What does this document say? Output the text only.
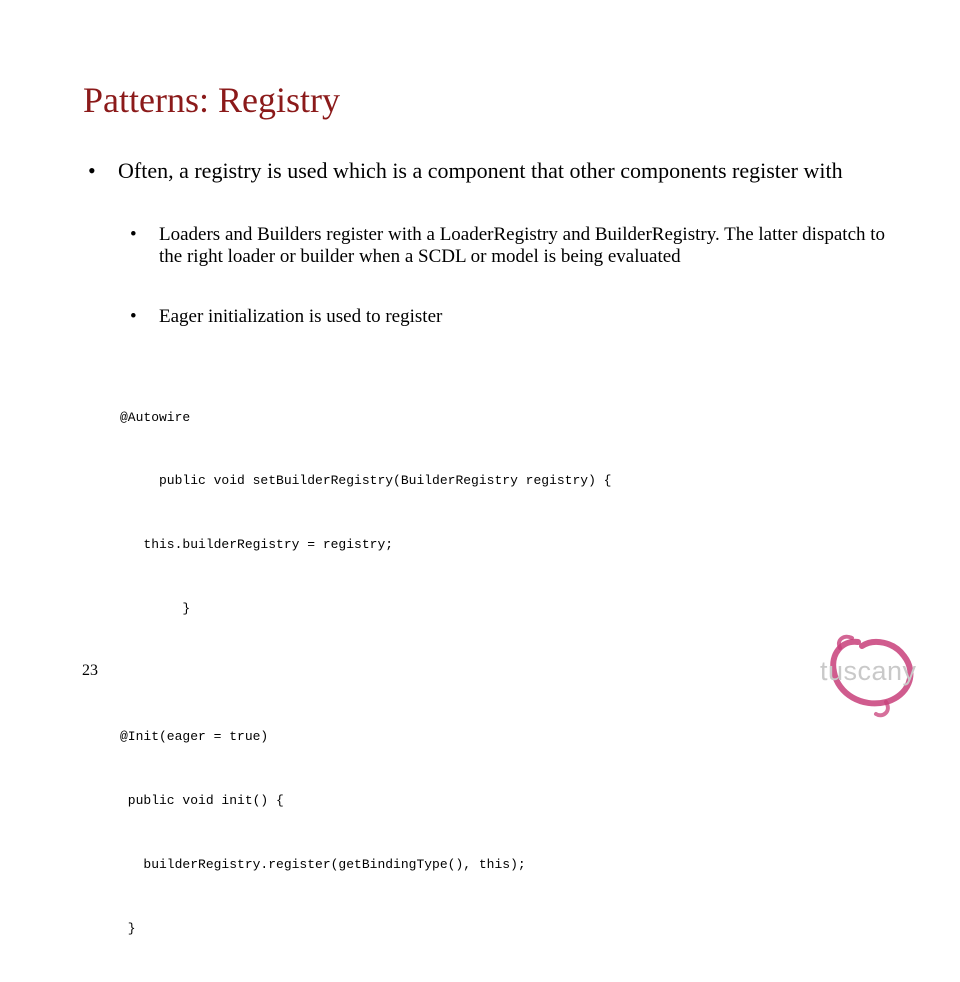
Patterns: Registry
• Often, a registry is used which is a component that other components register with
• Loaders and Builders register with a LoaderRegistry and BuilderRegistry. The latter dispatch to the right loader or builder when a SCDL or model is being evaluated
• Eager initialization is used to register

@Autowire

public void setBuilderRegistry(BuilderRegistry registry) {

this.builderRegistry = registry;

}

@Init(eager = true)

public void init() {

builderRegistry.register(getBindingType(), this);

}

23	tuscany
